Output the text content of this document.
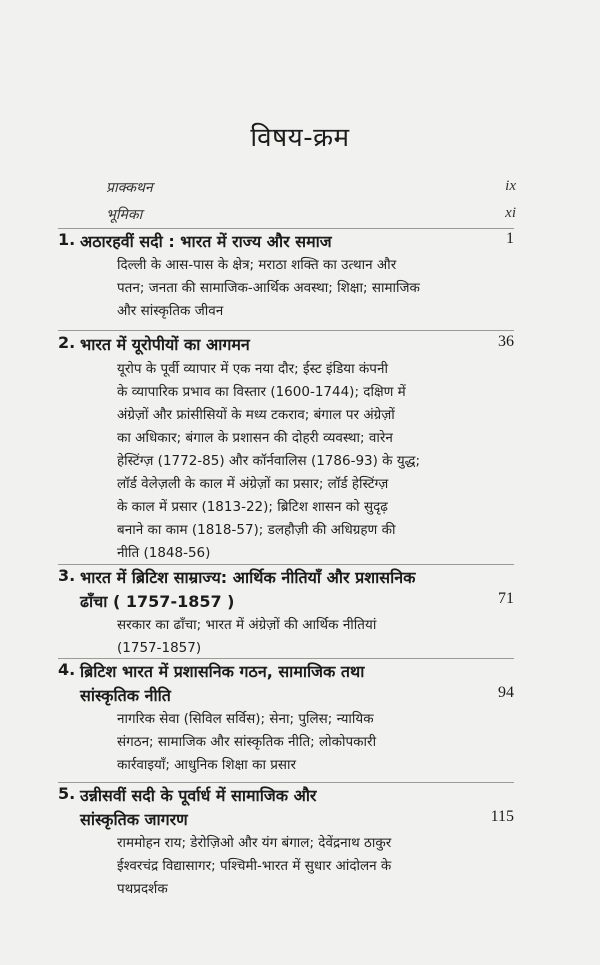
विषय-क्रम
प्राक्कथन	ix
भूमिका	xi
1. अठारहवीं सदी : भारत में राज्य और समाज	1
दिल्ली के आस-पास के क्षेत्र; मराठा शक्ति का उत्थान और
पतन; जनता की सामाजिक-आर्थिक अवस्था; शिक्षा; सामाजिक
और सांस्कृतिक जीवन
2. भारत में यूरोपीयों का आगमन	36
यूरोप के पूर्वी व्यापार में एक नया दौर; ईस्ट इंडिया कंपनी
के व्यापारिक प्रभाव का विस्तार (1600-1744); दक्षिण में
अंग्रेज़ों और फ्रांसीसियों के मध्य टकराव; बंगाल पर अंग्रेज़ों
का अधिकार; बंगाल के प्रशासन की दोहरी व्यवस्था; वारेन
हेस्टिंग्ज़ (1772-85) और कॉर्नवालिस (1786-93) के युद्ध;
लॉर्ड वेलेज़ली के काल में अंग्रेज़ों का प्रसार; लॉर्ड हेस्टिंग्ज़
के काल में प्रसार (1813-22); ब्रिटिश शासन को सुदृढ़
बनाने का काम (1818-57); डलहौज़ी की अधिग्रहण की
नीति (1848-56)
3. भारत में ब्रिटिश साम्राज्य: आर्थिक नीतियाँ और प्रशासनिक
ढाँचा ( 1757-1857 )	71
सरकार का ढाँचा; भारत में अंग्रेज़ों की आर्थिक नीतियां
(1757-1857)
4. ब्रिटिश भारत में प्रशासनिक गठन, सामाजिक तथा
सांस्कृतिक नीति	94
नागरिक सेवा (सिविल सर्विस); सेना; पुलिस; न्यायिक
संगठन; सामाजिक और सांस्कृतिक नीति; लोकोपकारी
कार्रवाइयाँ; आधुनिक शिक्षा का प्रसार
5. उन्नीसवीं सदी के पूर्वार्ध में सामाजिक और
सांस्कृतिक जागरण	115
राममोहन राय; डेरोज़िओ और यंग बंगाल; देवेंद्रनाथ ठाकुर
ईश्वरचंद्र विद्यासागर; पश्चिमी-भारत में सुधार आंदोलन के
पथप्रदर्शक
